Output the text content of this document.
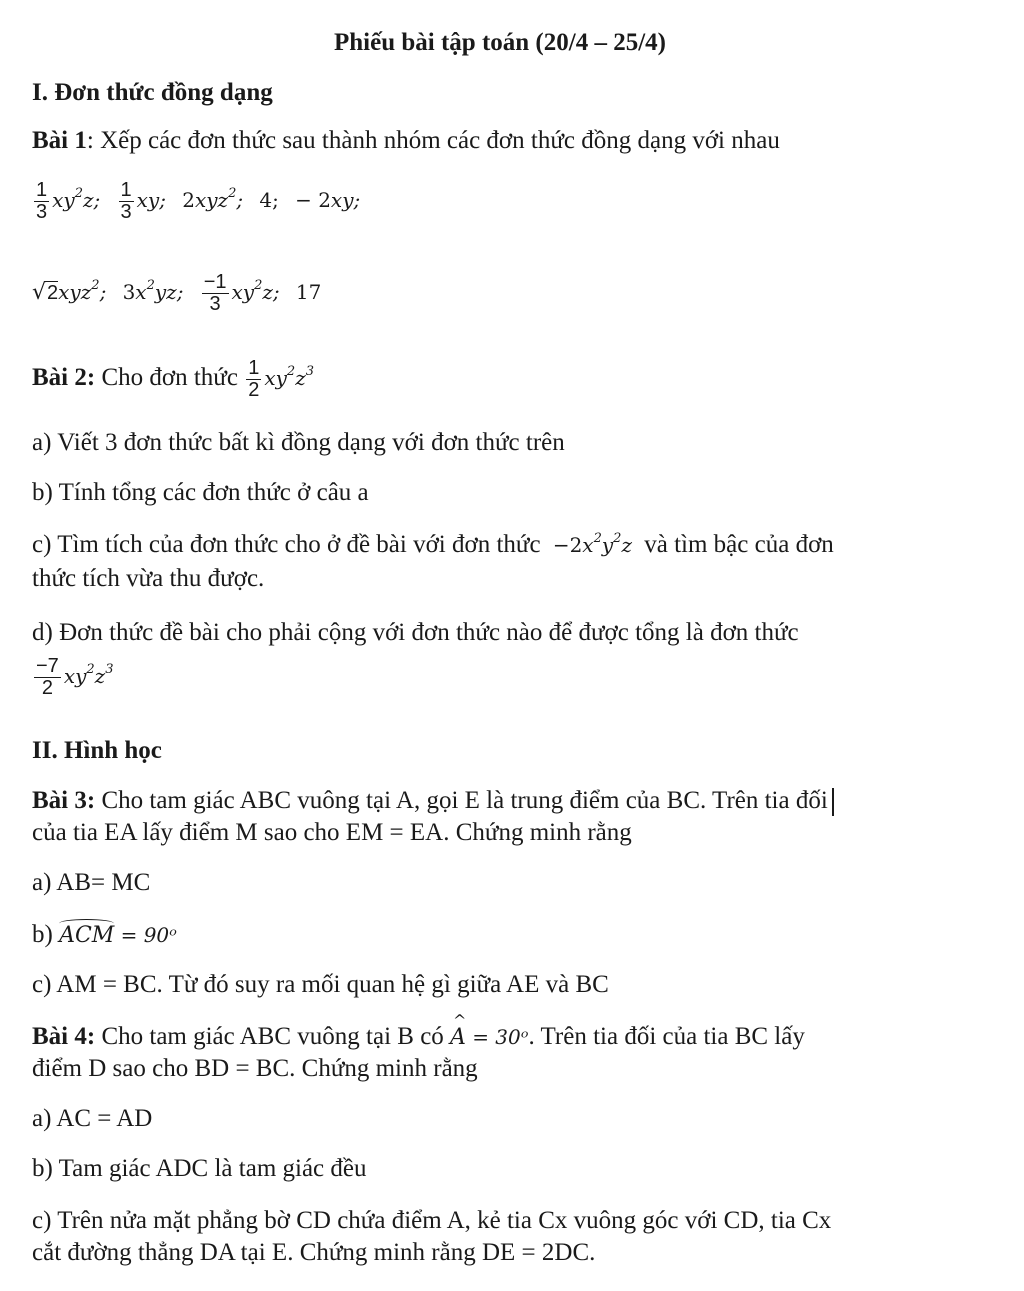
Phiếu bài tập toán (20/4 – 25/4)
I. Đơn thức đồng dạng
Bài 1: Xếp các đơn thức sau thành nhóm các đơn thức đồng dạng với nhau
$\frac{1}{3} xy^2z$; $\frac{1}{3}$ xy; 2xyz$^2$; 4; − 2xy;
√2xyz$^2$; $3x^2yz$; $\frac{-1}{3} xy^2z$; 17
Bài 2: Cho đơn thức $\frac{1}{2} xy^2z^3$
a) Viết 3 đơn thức bất kì đồng dạng với đơn thức trên
b) Tính tổng các đơn thức ở câu a
c) Tìm tích của đơn thức cho ở đề bài với đơn thức $-2x^2y^2z$ và tìm bậc của đơn
thức tích vừa thu được.
d) Đơn thức đề bài cho phải cộng với đơn thức nào để được tổng là đơn thức
$\frac{-7}{2} xy^2z^3$
II. Hình học
Bài 3: Cho tam giác ABC vuông tại A, gọi E là trung điểm của BC. Trên tia đối
của tia EA lấy điểm M sao cho EM = EA. Chứng minh rằng
a) AB= MC
b) ACM = 90ᵒ
c) AM = BC. Từ đó suy ra mối quan hệ gì giữa AE và BC
Bài 4: Cho tam giác ABC vuông tại B có ^ A = 30ᵒ. Trên tia đối của tia BC lấy
điểm D sao cho BD = BC. Chứng minh rằng
a) AC = AD
b) Tam giác ADC là tam giác đều
c) Trên nửa mặt phẳng bờ CD chứa điểm A, kẻ tia Cx vuông góc với CD, tia Cx
cắt đường thẳng DA tại E. Chứng minh rằng DE = 2DC.
